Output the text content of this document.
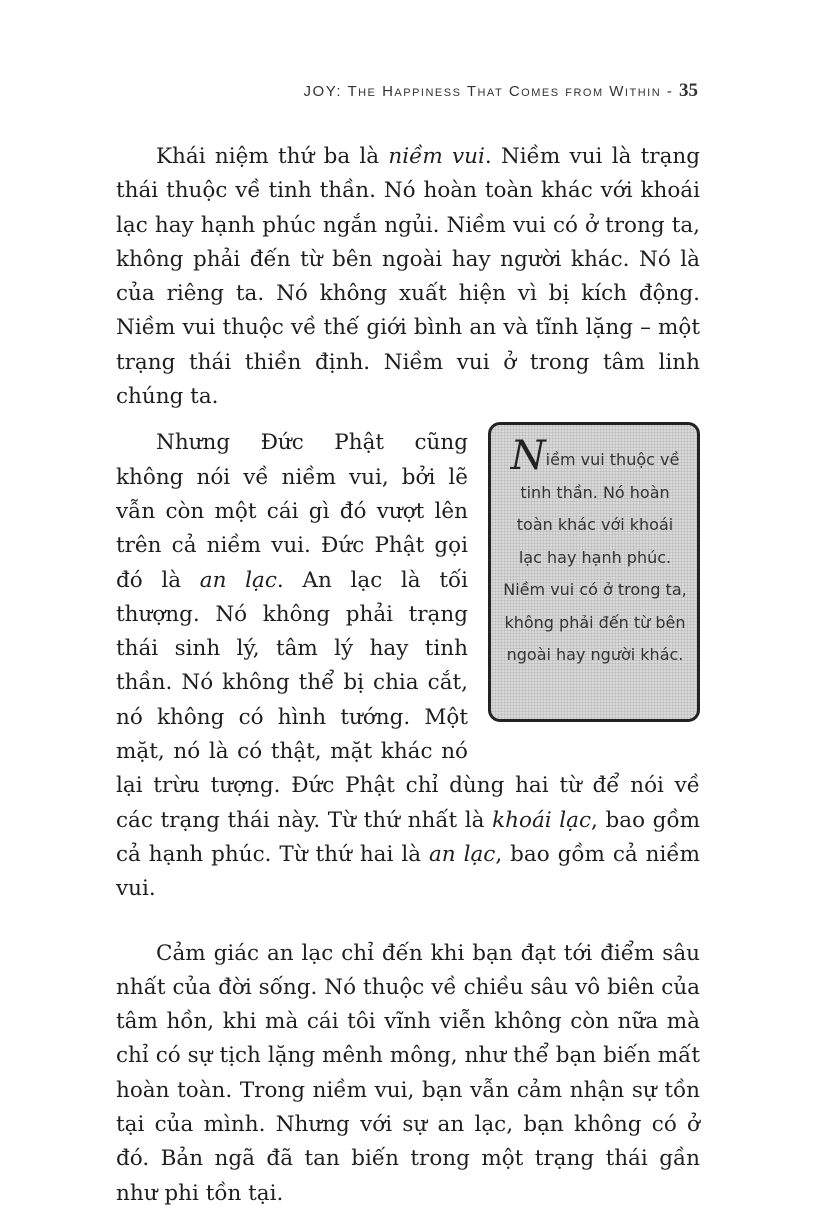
JOY: The Happiness That Comes from Within - 35

Khái niệm thứ ba là niềm vui. Niềm vui là trạng thái thuộc về tinh thần. Nó hoàn toàn khác với khoái lạc hay hạnh phúc ngắn ngủi. Niềm vui có ở trong ta, không phải đến từ bên ngoài hay người khác. Nó là của riêng ta. Nó không xuất hiện vì bị kích động. Niềm vui thuộc về thế giới bình an và tĩnh lặng – một trạng thái thiền định. Niềm vui ở trong tâm linh chúng ta.

Niềm vui thuộc về tinh thần. Nó hoàn toàn khác với khoái lạc hay hạnh phúc. Niềm vui có ở trong ta, không phải đến từ bên ngoài hay người khác.

Nhưng Đức Phật cũng không nói về niềm vui, bởi lẽ vẫn còn một cái gì đó vượt lên trên cả niềm vui. Đức Phật gọi đó là an lạc. An lạc là tối thượng. Nó không phải trạng thái sinh lý, tâm lý hay tinh thần. Nó không thể bị chia cắt, nó không có hình tướng. Một mặt, nó là có thật, mặt khác nó lại trừu tượng. Đức Phật chỉ dùng hai từ để nói về các trạng thái này. Từ thứ nhất là khoái lạc, bao gồm cả hạnh phúc. Từ thứ hai là an lạc, bao gồm cả niềm vui.

Cảm giác an lạc chỉ đến khi bạn đạt tới điểm sâu nhất của đời sống. Nó thuộc về chiều sâu vô biên của tâm hồn, khi mà cái tôi vĩnh viễn không còn nữa mà chỉ có sự tịch lặng mênh mông, như thể bạn biến mất hoàn toàn. Trong niềm vui, bạn vẫn cảm nhận sự tồn tại của mình. Nhưng với sự an lạc, bạn không có ở đó. Bản ngã đã tan biến trong một trạng thái gần như phi tồn tại.
